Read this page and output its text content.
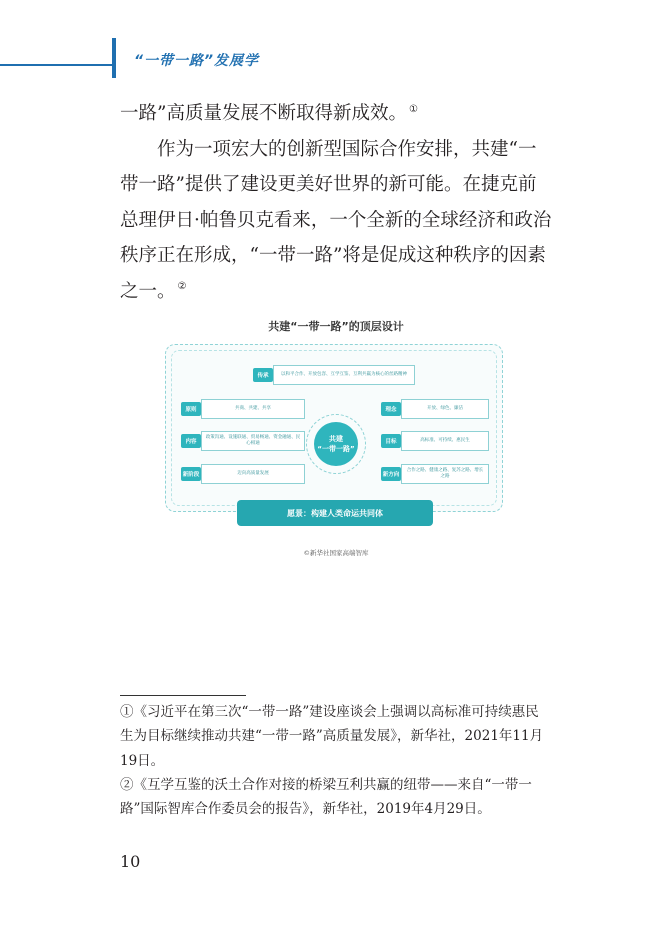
“一带一路”发展学

一路”高质量发展不断取得新成效。 ①

作为一项宏大的创新型国际合作安排，共建“一带一路”提供了建设更美好世界的新可能。在捷克前总理伊日·帕鲁贝克看来，一个全新的全球经济和政治秩序正在形成，“一带一路”将是促成这种秩序的因素之一。 ②

共建“一带一路”的顶层设计
传承	以和平合作、开放包容、互学互鉴、互利共赢为核心的丝路精神
原则	共商、共建、共享
内容
政策沟通、设施联通、贸易畅通、资金融通、民心相通
新阶段	迈向高质量发展
共建
“一带一路”
理念	开放、绿色、廉洁
目标	高标准、可持续、惠民生
新方向
合作之路、健康之路、复苏之路、增长之路
愿景：构建人类命运共同体
©新华社国家高端智库

①《习近平在第三次“一带一路”建设座谈会上强调以高标准可持续惠民生为目标继续推动共建“一带一路”高质量发展》，新华社，2021年11月19日。

②《互学互鉴的沃土合作对接的桥梁互利共赢的纽带——来自“一带一路”国际智库合作委员会的报告》，新华社，2019年4月29日。

10
